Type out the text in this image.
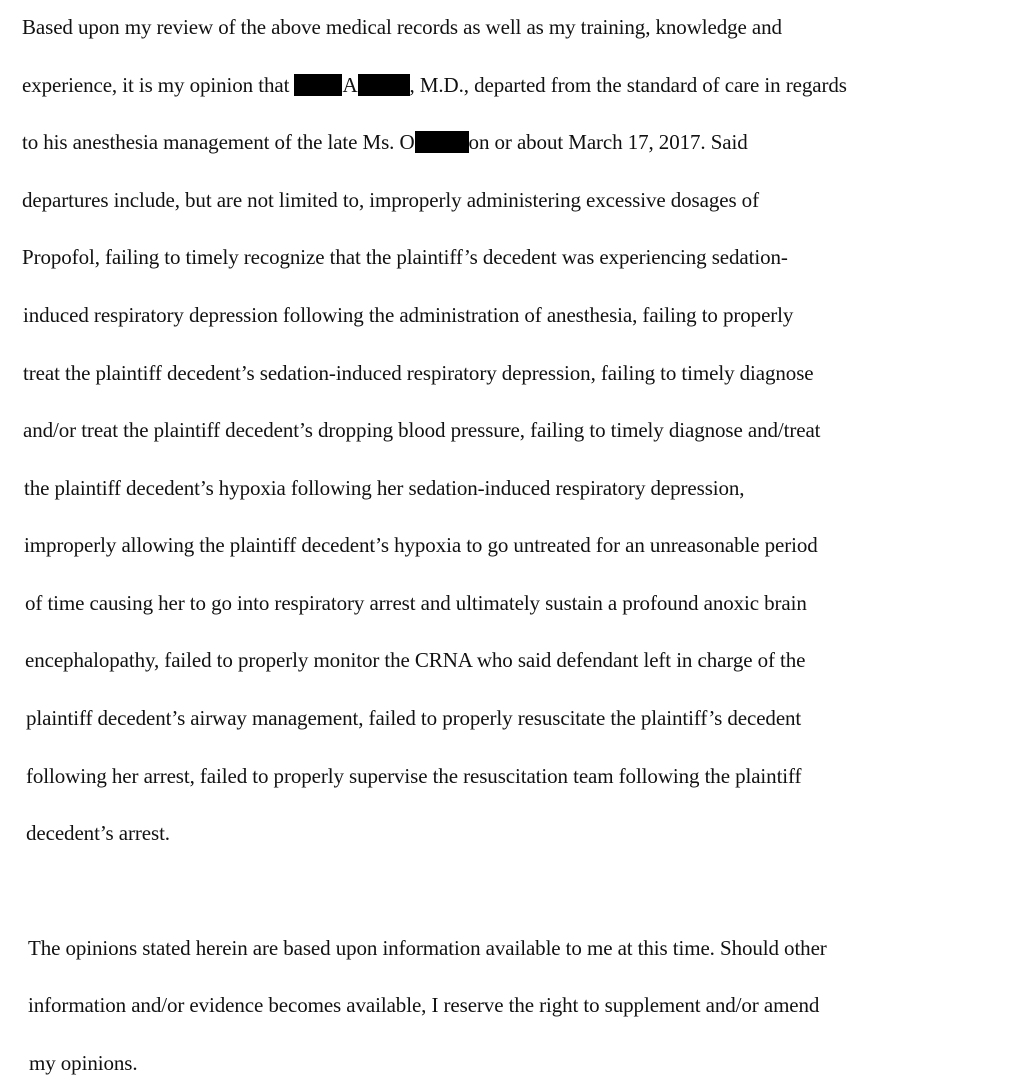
Based upon my review of the above medical records as well as my training, knowledge and
experience, it is my opinion that A , M.D., departed from the standard of care in regards
to his anesthesia management of the late Ms. O	on or about March 17, 2017. Said
departures include, but are not limited to, improperly administering excessive dosages of
Propofol, failing to timely recognize that the plaintiff’s decedent was experiencing sedation-
induced respiratory depression following the administration of anesthesia, failing to properly
treat the plaintiff decedent’s sedation-induced respiratory depression, failing to timely diagnose
and/or treat the plaintiff decedent’s dropping blood pressure, failing to timely diagnose and/treat
the plaintiff decedent’s hypoxia following her sedation-induced respiratory depression,
improperly allowing the plaintiff decedent’s hypoxia to go untreated for an unreasonable period
of time causing her to go into respiratory arrest and ultimately sustain a profound anoxic brain
encephalopathy, failed to properly monitor the CRNA who said defendant left in charge of the
plaintiff decedent’s airway management, failed to properly resuscitate the plaintiff’s decedent
following her arrest, failed to properly supervise the resuscitation team following the plaintiff
decedent’s arrest.
The opinions stated herein are based upon information available to me at this time. Should other
information and/or evidence becomes available, I reserve the right to supplement and/or amend
my opinions.
